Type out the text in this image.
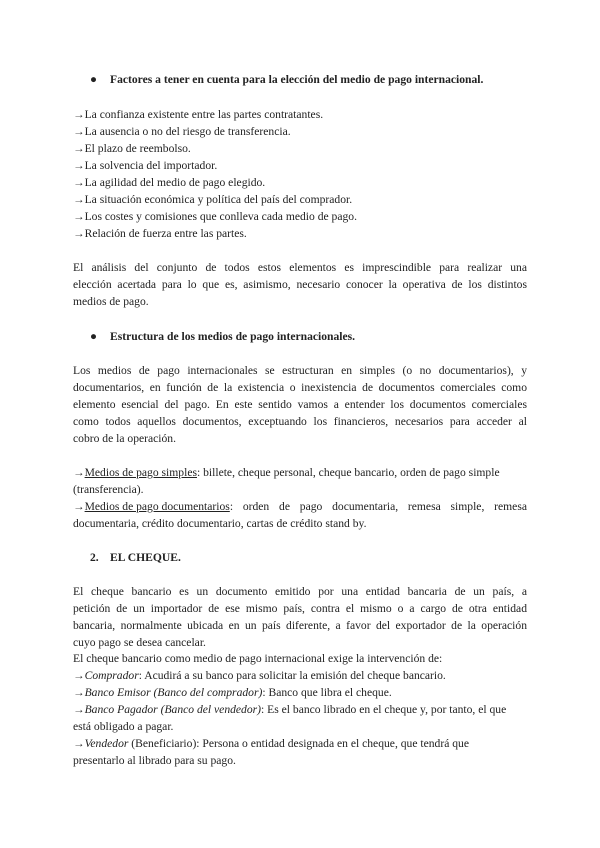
● Factores a tener en cuenta para la elección del medio de pago internacional.
→La confianza existente entre las partes contratantes.
→La ausencia o no del riesgo de transferencia.
→El plazo de reembolso.
→La solvencia del importador.
→La agilidad del medio de pago elegido.
→La situación económica y política del país del comprador.
→Los costes y comisiones que conlleva cada medio de pago.
→Relación de fuerza entre las partes.
El análisis del conjunto de todos estos elementos es imprescindible para realizar una
elección acertada para lo que es, asimismo, necesario conocer la operativa de los distintos
medios de pago.
● Estructura de los medios de pago internacionales.
Los medios de pago internacionales se estructuran en simples (o no documentarios), y
documentarios, en función de la existencia o inexistencia de documentos comerciales como
elemento esencial del pago. En este sentido vamos a entender los documentos comerciales
como todos aquellos documentos, exceptuando los financieros, necesarios para acceder al
cobro de la operación.
→Medios de pago simples: billete, cheque personal, cheque bancario, orden de pago simple
(transferencia).
→Medios de pago documentarios : orden de pago documentaria, remesa simple, remesa
documentaria, crédito documentario, cartas de crédito stand by.
2. EL CHEQUE.
El cheque bancario es un documento emitido por una entidad bancaria de un país, a
petición de un importador de ese mismo país, contra el mismo o a cargo de otra entidad
bancaria, normalmente ubicada en un país diferente, a favor del exportador de la operación
cuyo pago se desea cancelar.
El cheque bancario como medio de pago internacional exige la intervención de:
→Comprador: Acudirá a su banco para solicitar la emisión del cheque bancario.
→Banco Emisor (Banco del comprador): Banco que libra el cheque.
→Banco Pagador (Banco del vendedor): Es el banco librado en el cheque y, por tanto, el que
está obligado a pagar.
→Vendedor (Beneficiario): Persona o entidad designada en el cheque, que tendrá que
presentarlo al librado para su pago.
